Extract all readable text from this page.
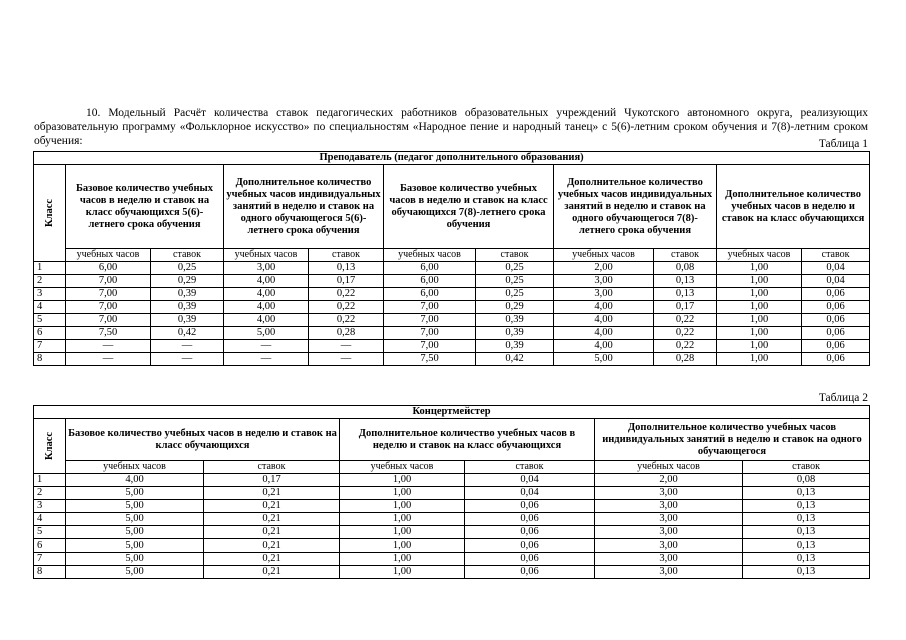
10. Модельный Расчёт количества ставок педагогических работников образовательных учреждений Чукотского автономного округа, реализующих образовательную программу «Фольклорное искусство» по специальностям «Народное пение и народный танец» с 5(6)-летним сроком обучения и 7(8)-летним сроком обучения:	Таблица 1
Преподаватель (педагог дополнительного образования)										
Класс	Базовое количество учебных часов в неделю и ставок на класс обучающихся 5(6)-летнего срока обучения		Дополнительное количество учебных часов индивидуальных занятий в неделю и ставок на одного обучающегося 5(6)-летнего срока обучения		Базовое количество учебных часов в неделю и ставок на класс обучающихся 7(8)-летнего срока обучения		Дополнительное количество учебных часов индивидуальных занятий в неделю и ставок на одного обучающегося 7(8)-летнего срока обучения		Дополнительное количество учебных часов в неделю и ставок на класс обучающихся	
	учебных часов	ставок	учебных часов	ставок	учебных часов	ставок	учебных часов	ставок	учебных часов	ставок
1	6,00	0,25	3,00	0,13	6,00	0,25	2,00	0,08	1,00	0,04
2	7,00	0,29	4,00	0,17	6,00	0,25	3,00	0,13	1,00	0,04
3	7,00	0,39	4,00	0,22	6,00	0,25	3,00	0,13	1,00	0,06
4	7,00	0,39	4,00	0,22	7,00	0,29	4,00	0,17	1,00	0,06
5	7,00	0,39	4,00	0,22	7,00	0,39	4,00	0,22	1,00	0,06
6	7,50	0,42	5,00	0,28	7,00	0,39	4,00	0,22	1,00	0,06
7	—	—	—	—	7,00	0,39	4,00	0,22	1,00	0,06
8	—	—	—	—	7,50	0,42	5,00	0,28	1,00	0,06
Таблица 2
Концертмейстер						
Класс	Базовое количество учебных часов в неделю и ставок на класс обучающихся		Дополнительное количество учебных часов в неделю и ставок на класс обучающихся		Дополнительное количество учебных часов индивидуальных занятий в неделю и ставок на одного обучающегося	
	учебных часов	ставок	учебных часов	ставок	учебных часов	ставок
1	4,00	0,17	1,00	0,04	2,00	0,08
2	5,00	0,21	1,00	0,04	3,00	0,13
3	5,00	0,21	1,00	0,06	3,00	0,13
4	5,00	0,21	1,00	0,06	3,00	0,13
5	5,00	0,21	1,00	0,06	3,00	0,13
6	5,00	0,21	1,00	0,06	3,00	0,13
7	5,00	0,21	1,00	0,06	3,00	0,13
8	5,00	0,21	1,00	0,06	3,00	0,13
